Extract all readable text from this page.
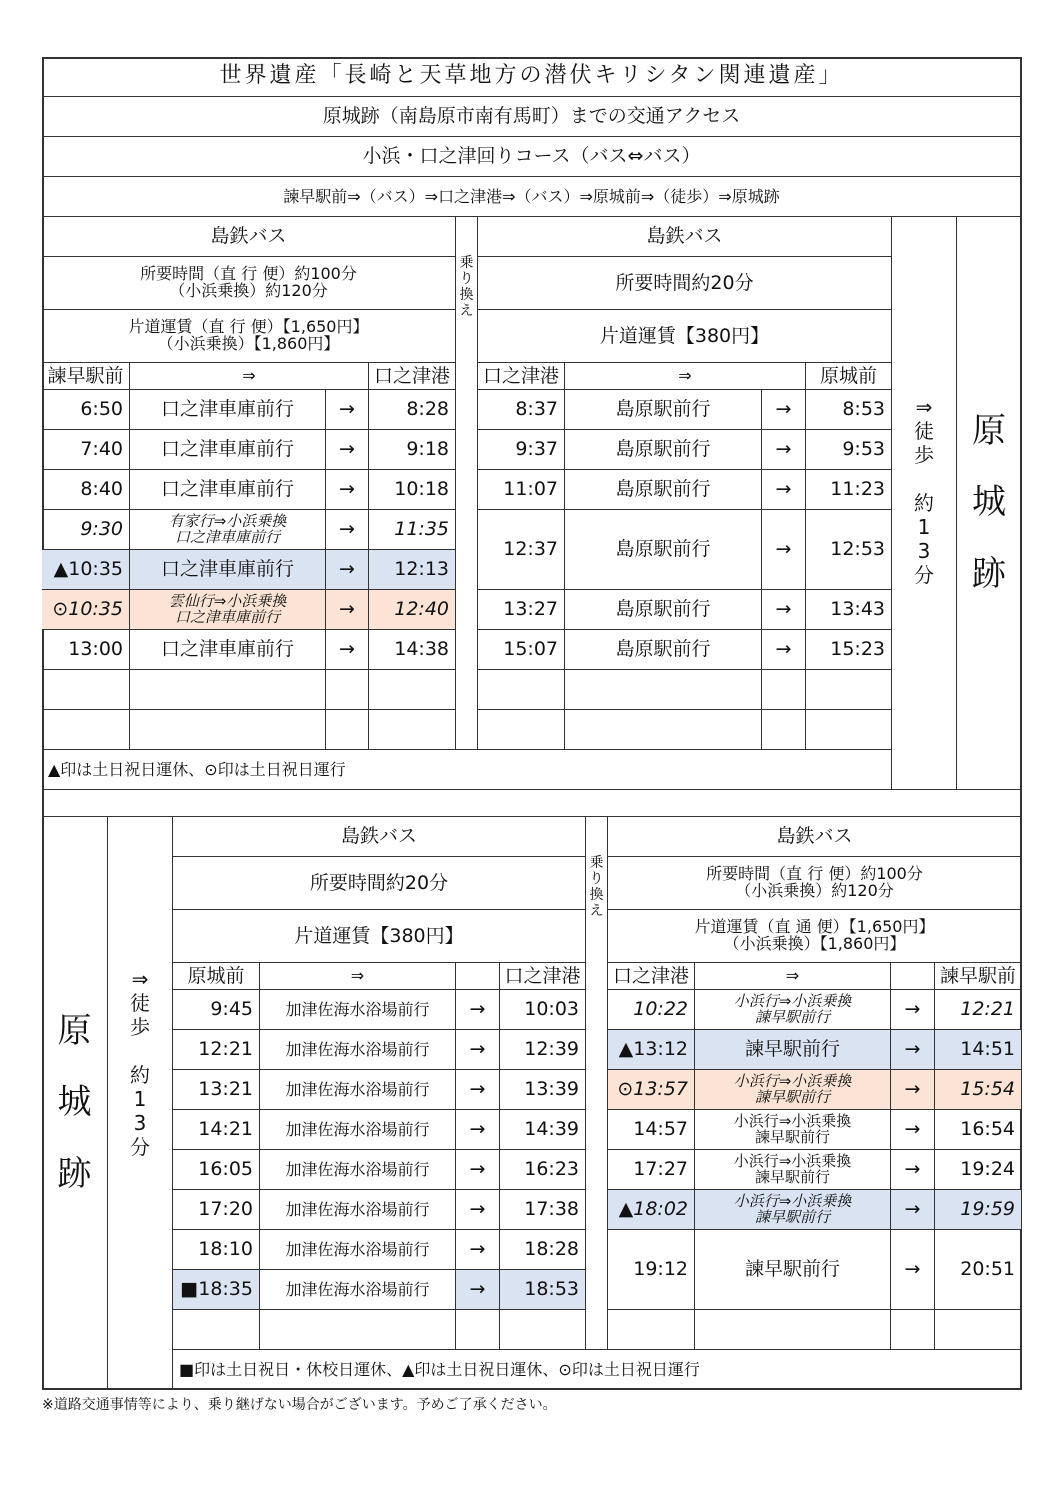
世界遺産「長崎と天草地方の潜伏キリシタン関連遺産」
原城跡（南島原市南有馬町）までの交通アクセス
小浜・口之津回りコース（バス⇔バス）
諫早駅前⇒（バス）⇒口之津港⇒（バス）⇒原城前⇒（徒歩）⇒原城跡
島鉄バス
所要時間（直 行 便）約100分
（小浜乗換）約120分
片道運賃（直 行 便）【1,650円】
（小浜乗換）【1,860円】
乗
り
換
え
島鉄バス
所要時間約20分
片道運賃【380円】
⇒
徒
歩

約
1
3
分
原
城
跡
諫早駅前	⇒	口之津港	口之津港	⇒	原城前
6:50	口之津車庫前行	→	8:28
7:40	口之津車庫前行	→	9:18
8:40	口之津車庫前行	→	10:18
9:30	有家行⇒小浜乗換
口之津車庫前行	→	11:35
▲10:35	口之津車庫前行	→	12:13
⊙10:35	雲仙行⇒小浜乗換
口之津車庫前行	→	12:40
13:00	口之津車庫前行	→	14:38
8:37	島原駅前行	→	8:53
9:37	島原駅前行	→	9:53
11:07	島原駅前行	→	11:23
12:37	島原駅前行	→	12:53
13:27	島原駅前行	→	13:43
15:07	島原駅前行	→	15:23
▲印は土日祝日運休、⊙印は土日祝日運行
原
城
跡
⇒
徒
歩

約
1
3
分
島鉄バス
所要時間約20分
片道運賃【380円】
乗
り
換
え
島鉄バス
所要時間（直 行 便）約100分
（小浜乗換）約120分
片道運賃（直 通 便）【1,650円】
（小浜乗換）【1,860円】
原城前	⇒	口之津港 口之津港	⇒	諫早駅前
9:45	加津佐海水浴場前行	→	10:03
12:21	加津佐海水浴場前行	→	12:39
13:21	加津佐海水浴場前行	→	13:39
14:21	加津佐海水浴場前行	→	14:39
16:05	加津佐海水浴場前行	→	16:23
17:20	加津佐海水浴場前行	→	17:38
18:10	加津佐海水浴場前行	→	18:28
■18:35	加津佐海水浴場前行	→	18:53
10:22	小浜行⇒小浜乗換
諫早駅前行	→	12:21
▲13:12	諫早駅前行	→	14:51
⊙13:57	小浜行⇒小浜乗換
諫早駅前行	→	15:54
14:57	小浜行⇒小浜乗換
諫早駅前行	→	16:54
17:27	小浜行⇒小浜乗換
諫早駅前行	→	19:24
▲18:02	小浜行⇒小浜乗換
諫早駅前行	→	19:59
19:12	諫早駅前行	→	20:51
■印は土日祝日・休校日運休、▲印は土日祝日運休、⊙印は土日祝日運行
※道路交通事情等により、乗り継げない場合がございます。予めご了承ください。
